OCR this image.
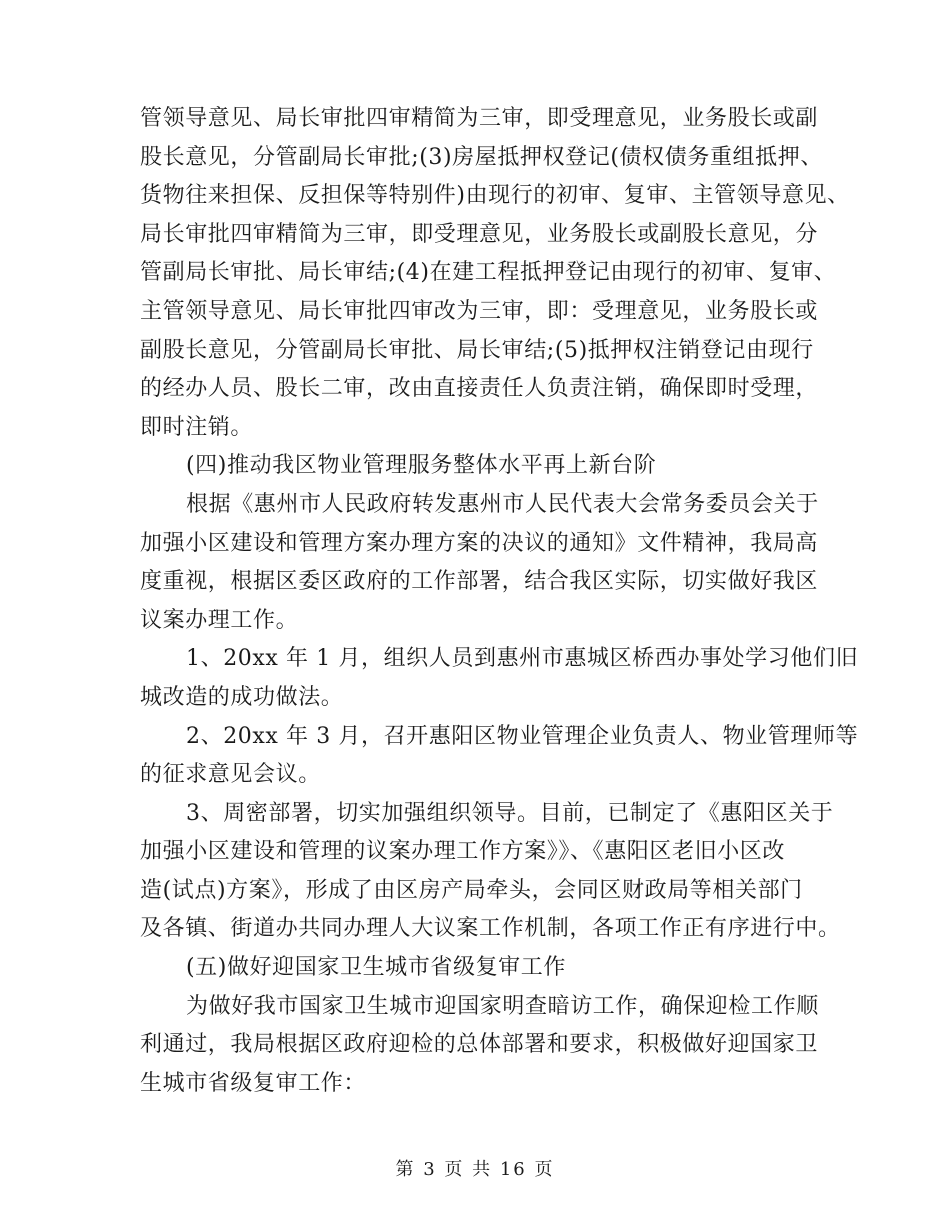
管领导意见、局长审批四审精简为三审，即受理意见，业务股长或副
股长意见，分管副局长审批;(3)房屋抵押权登记(债权债务重组抵押、
货物往来担保、反担保等特别件)由现行的初审、复审、主管领导意见、
局长审批四审精简为三审，即受理意见，业务股长或副股长意见，分
管副局长审批、局长审结;(4)在建工程抵押登记由现行的初审、复审、
主管领导意见、局长审批四审改为三审，即：受理意见，业务股长或
副股长意见，分管副局长审批、局长审结;(5)抵押权注销登记由现行
的经办人员、股长二审，改由直接责任人负责注销，确保即时受理，
即时注销。
(四)推动我区物业管理服务整体水平再上新台阶
根据《惠州市人民政府转发惠州市人民代表大会常务委员会关于
加强小区建设和管理方案办理方案的决议的通知》文件精神，我局高
度重视，根据区委区政府的工作部署，结合我区实际，切实做好我区
议案办理工作。
1、20xx 年 1 月，组织人员到惠州市惠城区桥西办事处学习他们旧
城改造的成功做法。
2、20xx 年 3 月，召开惠阳区物业管理企业负责人、物业管理师等
的征求意见会议。
3、周密部署，切实加强组织领导。目前，已制定了《惠阳区关于
加强小区建设和管理的议案办理工作方案》》、《惠阳区老旧小区改
造(试点)方案》，形成了由区房产局牵头，会同区财政局等相关部门
及各镇、街道办共同办理人大议案工作机制，各项工作正有序进行中。
(五)做好迎国家卫生城市省级复审工作
为做好我市国家卫生城市迎国家明查暗访工作，确保迎检工作顺
利通过，我局根据区政府迎检的总体部署和要求，积极做好迎国家卫
生城市省级复审工作：
第 3 页 共 16 页
